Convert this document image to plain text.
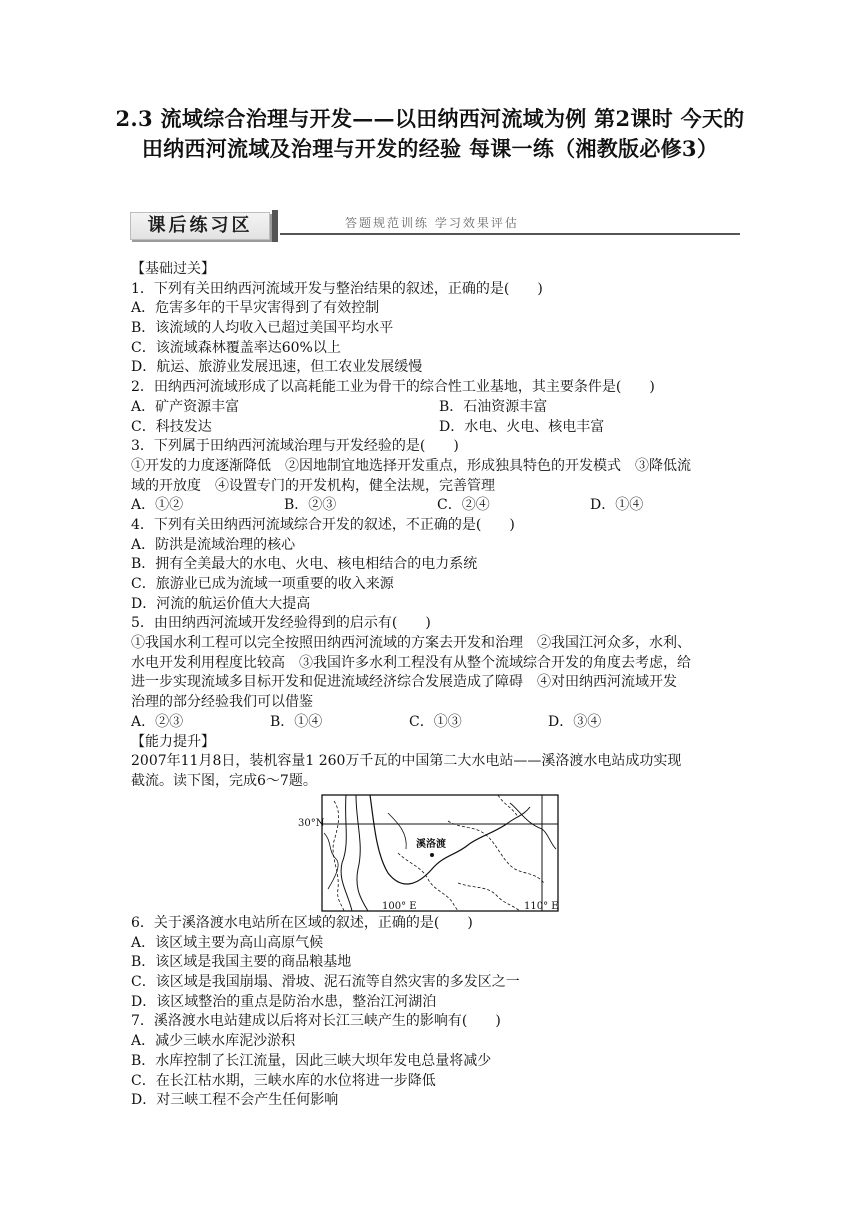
2.3 流域综合治理与开发——以田纳西河流域为例 第2课时 今天的田纳西河流域及治理与开发的经验 每课一练（湘教版必修3）
课后练习区	答题规范训练 学习效果评估
【基础过关】
1．下列有关田纳西河流域开发与整治结果的叙述，正确的是(　　)
A．危害多年的干旱灾害得到了有效控制
B．该流域的人均收入已超过美国平均水平
C．该流域森林覆盖率达60%以上
D．航运、旅游业发展迅速，但工农业发展缓慢
2．田纳西河流域形成了以高耗能工业为骨干的综合性工业基地，其主要条件是(　　)
A．矿产资源丰富	B．石油资源丰富
C．科技发达	D．水电、火电、核电丰富
3．下列属于田纳西河流域治理与开发经验的是(　　)
①开发的力度逐渐降低　②因地制宜地选择开发重点，形成独具特色的开发模式　③降低流
域的开放度　④设置专门的开发机构，健全法规，完善管理
A．①②	B．②③	C．②④	D．①④
4．下列有关田纳西河流域综合开发的叙述，不正确的是(　　)
A．防洪是流域治理的核心
B．拥有全美最大的水电、火电、核电相结合的电力系统
C．旅游业已成为流域一项重要的收入来源
D．河流的航运价值大大提高
5．由田纳西河流域开发经验得到的启示有(　　)
①我国水利工程可以完全按照田纳西河流域的方案去开发和治理　②我国江河众多，水利、
水电开发利用程度比较高　③我国许多水利工程没有从整个流域综合开发的角度去考虑，给
进一步实现流域多目标开发和促进流域经济综合发展造成了障碍　④对田纳西河流域开发
治理的部分经验我们可以借鉴
A．②③	B．①④	C．①③	D．③④
【能力提升】
2007年11月8日，装机容量1 260万千瓦的中国第二大水电站——溪洛渡水电站成功实现
截流。读下图，完成6～7题。
30°N
溪洛渡
100° E	110° E
6．关于溪洛渡水电站所在区域的叙述，正确的是(　　)
A．该区域主要为高山高原气候
B．该区域是我国主要的商品粮基地
C．该区域是我国崩塌、滑坡、泥石流等自然灾害的多发区之一
D．该区域整治的重点是防治水患，整治江河湖泊
7．溪洛渡水电站建成以后将对长江三峡产生的影响有(　　)
A．减少三峡水库泥沙淤积
B．水库控制了长江流量，因此三峡大坝年发电总量将减少
C．在长江枯水期，三峡水库的水位将进一步降低
D．对三峡工程不会产生任何影响
